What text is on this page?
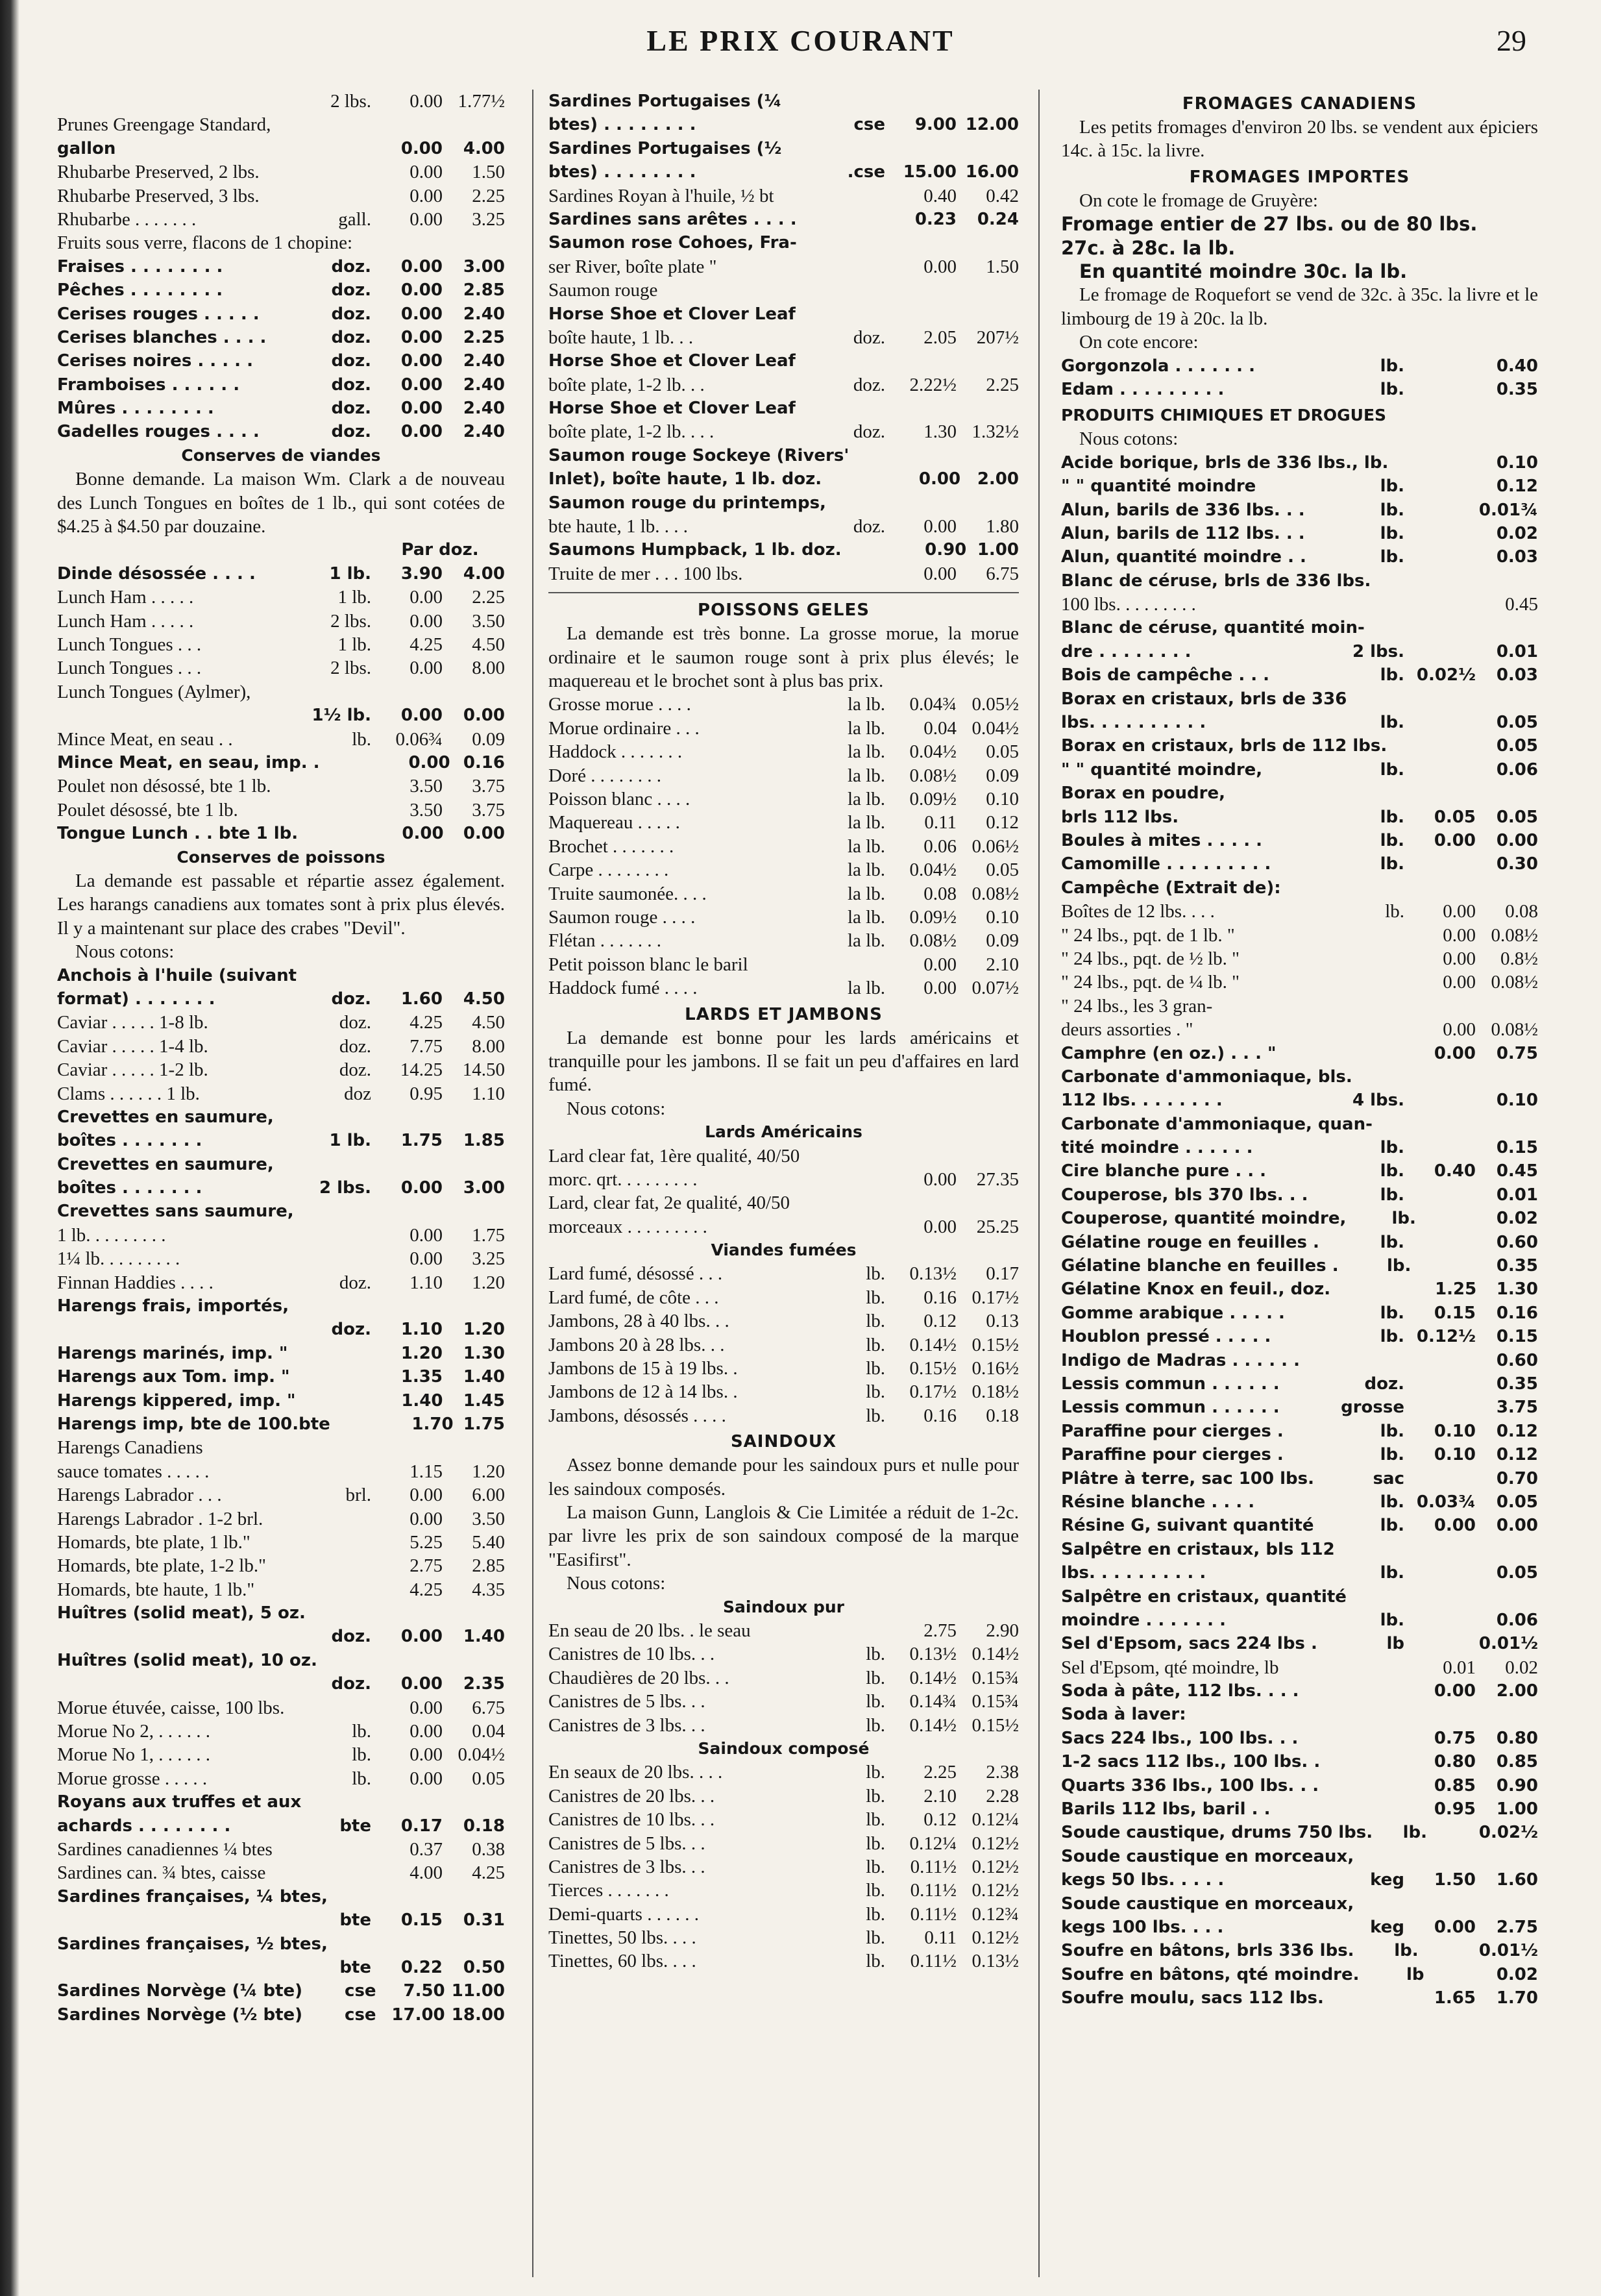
LE PRIX COURANT	29
2 lbs.	0.00 1.77½
Prunes Greengage Standard,
gallon	0.00	4.00
Rhubarbe Preserved, 2 lbs.	0.00	1.50
Rhubarbe Preserved, 3 lbs.	0.00	2.25
Rhubarbe . . . . . . .	gall.	0.00	3.25
Fruits sous verre, flacons de 1 chopine:
Fraises . . . . . . . .	doz.	0.00	3.00
Pêches . . . . . . . .	doz.	0.00	2.85
Cerises rouges . . . . .	doz.	0.00	2.40
Cerises blanches . . . .	doz.	0.00	2.25
Cerises noires . . . . .	doz.	0.00	2.40
Framboises . . . . . .	doz.	0.00	2.40
Mûres . . . . . . . .	doz.	0.00	2.40
Gadelles rouges . . . .	doz.	0.00	2.40
Conserves de viandes
Bonne demande. La maison Wm. Clark a de nouveau des Lunch Tongues en boîtes de 1 lb., qui sont cotées de $4.25 à $4.50 par douzaine.
Par doz.
Dinde désossée . . . .	1 lb.	3.90	4.00
Lunch Ham . . . . .	1 lb.	0.00	2.25
Lunch Ham . . . . .	2 lbs.	0.00	3.50
Lunch Tongues . . .	1 lb.	4.25	4.50
Lunch Tongues . . .	2 lbs.	0.00	8.00
Lunch Tongues (Aylmer),
1½ lb.	0.00	0.00
Mince Meat, en seau . .	lb.	0.06¾	0.09
Mince Meat, en seau, imp. .	0.00 0.16
Poulet non désossé, bte 1 lb.	3.50	3.75
Poulet désossé, bte 1 lb.	3.50	3.75
Tongue Lunch . . bte 1 lb.	0.00	0.00
Conserves de poissons
La demande est passable et répartie assez également. Les harangs canadiens aux tomates sont à prix plus élevés. Il y a maintenant sur place des crabes "Devil".
Nous cotons:
Anchois à l'huile (suivant
format) . . . . . . .	doz.	1.60	4.50
Caviar . . . . . 1-8 lb.	doz.	4.25	4.50
Caviar . . . . . 1-4 lb.	doz.	7.75	8.00
Caviar . . . . . 1-2 lb.	doz.	14.25	14.50
Clams . . . . . . 1 lb.	doz	0.95	1.10
Crevettes en saumure,
boîtes . . . . . . .	1 lb.	1.75	1.85
Crevettes en saumure,
boîtes . . . . . . .	2 lbs.	0.00	3.00
Crevettes sans saumure,
1 lb. . . . . . . . .	0.00	1.75
1¼ lb. . . . . . . . .	0.00	3.25
Finnan Haddies . . . .	doz.	1.10	1.20
Harengs frais, importés,
doz.	1.10	1.20
Harengs marinés, imp. "	1.20	1.30
Harengs aux Tom. imp. "	1.35	1.40
Harengs kippered, imp. "	1.40	1.45
Harengs imp, bte de 100.bte	1.70 1.75
Harengs Canadiens
sauce tomates . . . . .	1.15	1.20
Harengs Labrador . . .	brl.	0.00	6.00
Harengs Labrador . 1-2 brl.	0.00	3.50
Homards, bte plate, 1 lb."	5.25	5.40
Homards, bte plate, 1-2 lb."	2.75	2.85
Homards, bte haute, 1 lb."	4.25	4.35
Huîtres (solid meat), 5 oz.
doz.	0.00	1.40
Huîtres (solid meat), 10 oz.
doz.	0.00	2.35
Morue étuvée, caisse, 100 lbs.	0.00	6.75
Morue No 2, . . . . . .	lb.	0.00	0.04
Morue No 1, . . . . . .	lb.	0.00 0.04½
Morue grosse . . . . .	lb.	0.00	0.05
Royans aux truffes et aux
achards . . . . . . . .	bte	0.17	0.18
Sardines canadiennes ¼ btes	0.37	0.38
Sardines can. ¾ btes, caisse	4.00	4.25
Sardines françaises, ¼ btes,
bte	0.15	0.31
Sardines françaises, ½ btes,
bte	0.22	0.50
Sardines Norvège (¼ bte)	cse	7.50 11.00
Sardines Norvège (½ bte)	cse 17.00 18.00
Sardines Portugaises (¼
btes) . . . . . . . .	cse	9.00 12.00
Sardines Portugaises (½
btes) . . . . . . . .	.cse	15.00 16.00
Sardines Royan à l'huile, ½ bt	0.40	0.42
Sardines sans arêtes . . . .	0.23	0.24
Saumon rose Cohoes, Fra-
ser River, boîte plate "	0.00	1.50
Saumon rouge
Horse Shoe et Clover Leaf
boîte haute, 1 lb. . .	doz.	2.05	207½
Horse Shoe et Clover Leaf
boîte plate, 1-2 lb. . .	doz.	2.22½	2.25
Horse Shoe et Clover Leaf
boîte plate, 1-2 lb. . . .	doz.	1.30 1.32½
Saumon rouge Sockeye (Rivers'
Inlet), boîte haute, 1 lb. doz.	0.00 2.00
Saumon rouge du printemps,
bte haute, 1 lb. . . .	doz.	0.00	1.80
Saumons Humpback, 1 lb. doz.	0.90 1.00
Truite de mer . . . 100 lbs.	0.00	6.75
POISSONS GELES
La demande est très bonne. La grosse morue, la morue ordinaire et le saumon rouge sont à prix plus élevés; le maquereau et le brochet sont à plus bas prix.
Grosse morue . . . .	la lb.	0.04¾ 0.05½
Morue ordinaire . . .	la lb.	0.04 0.04½
Haddock . . . . . . .	la lb.	0.04½	0.05
Doré . . . . . . . .	la lb.	0.08½	0.09
Poisson blanc . . . .	la lb.	0.09½	0.10
Maquereau . . . . .	la lb.	0.11	0.12
Brochet . . . . . . .	la lb.	0.06 0.06½
Carpe . . . . . . . .	la lb.	0.04½	0.05
Truite saumonée. . . .	la lb.	0.08 0.08½
Saumon rouge . . . .	la lb.	0.09½	0.10
Flétan . . . . . . .	la lb.	0.08½	0.09
Petit poisson blanc le baril	0.00	2.10
Haddock fumé . . . .	la lb.	0.00 0.07½
LARDS ET JAMBONS
La demande est bonne pour les lards américains et tranquille pour les jambons. Il se fait un peu d'affaires en lard fumé.
Nous cotons:
Lards Américains
Lard clear fat, 1ère qualité, 40/50
morc. qrt. . . . . . . . .	0.00	27.35
Lard, clear fat, 2e qualité, 40/50
morceaux . . . . . . . . .	0.00	25.25
Viandes fumées
Lard fumé, désossé . . .	lb.	0.13½	0.17
Lard fumé, de côte . . .	lb.	0.16 0.17½
Jambons, 28 à 40 lbs. . .	lb.	0.12	0.13
Jambons 20 à 28 lbs. . .	lb.	0.14½ 0.15½
Jambons de 15 à 19 lbs. .	lb.	0.15½ 0.16½
Jambons de 12 à 14 lbs. .	lb.	0.17½ 0.18½
Jambons, désossés . . . .	lb.	0.16	0.18
SAINDOUX
Assez bonne demande pour les saindoux purs et nulle pour les saindoux composés.
La maison Gunn, Langlois & Cie Limitée a réduit de 1-2c. par livre les prix de son saindoux composé de la marque "Easifirst".
Nous cotons:
Saindoux pur
En seau de 20 lbs. . le seau	2.75	2.90
Canistres de 10 lbs. . .	lb.	0.13½ 0.14½
Chaudières de 20 lbs. . .	lb.	0.14½ 0.15¾
Canistres de 5 lbs. . .	lb.	0.14¾ 0.15¾
Canistres de 3 lbs. . .	lb.	0.14½ 0.15½
Saindoux composé
En seaux de 20 lbs. . . .	lb.	2.25	2.38
Canistres de 20 lbs. . .	lb.	2.10	2.28
Canistres de 10 lbs. . .	lb.	0.12 0.12¼
Canistres de 5 lbs. . .	lb.	0.12¼ 0.12½
Canistres de 3 lbs. . .	lb.	0.11½ 0.12½
Tierces . . . . . . .	lb.	0.11½ 0.12½
Demi-quarts . . . . . .	lb.	0.11½ 0.12¾
Tinettes, 50 lbs. . . .	lb.	0.11 0.12½
Tinettes, 60 lbs. . . .	lb.	0.11½ 0.13½
FROMAGES CANADIENS
Les petits fromages d'environ 20 lbs. se vendent aux épiciers 14c. à 15c. la livre.
FROMAGES IMPORTES
On cote le fromage de Gruyère:
Fromage entier de 27 lbs. ou de 80 lbs.
27c. à 28c. la lb.
En quantité moindre 30c. la lb.
Le fromage de Roquefort se vend de 32c. à 35c. la livre et le limbourg de 19 à 20c. la lb.
On cote encore:
Gorgonzola . . . . . . .	lb.	0.40
Edam . . . . . . . . .	lb.	0.35
PRODUITS CHIMIQUES ET DROGUES
Nous cotons:
Acide borique, brls de 336 lbs., lb.	0.10
" " quantité moindre	lb.	0.12
Alun, barils de 336 lbs. . .	lb.	0.01¾
Alun, barils de 112 lbs. . .	lb.	0.02
Alun, quantité moindre . .	lb.	0.03
Blanc de céruse, brls de 336 lbs.
100 lbs. . . . . . . . .	0.45
Blanc de céruse, quantité moin-
dre . . . . . . . .	2 lbs.	0.01
Bois de campêche . . .	lb. 0.02½	0.03
Borax en cristaux, brls de 336
lbs. . . . . . . . . .	lb.	0.05
Borax en cristaux, brls de 112 lbs.	0.05
" " quantité moindre,	lb.	0.06
Borax en poudre,
brls 112 lbs.	lb.	0.05	0.05
Boules à mites . . . . .	lb.	0.00	0.00
Camomille . . . . . . . . .	lb.	0.30
Campêche (Extrait de):
Boîtes de 12 lbs. . . .	lb.	0.00	0.08
" 24 lbs., pqt. de 1 lb. "	0.00 0.08½
" 24 lbs., pqt. de ½ lb. "	0.00	0.8½
" 24 lbs., pqt. de ¼ lb. "	0.00 0.08½
" 24 lbs., les 3 gran-
deurs assorties . "	0.00 0.08½
Camphre (en oz.) . . . "	0.00	0.75
Carbonate d'ammoniaque, bls.
112 lbs. . . . . . . .	4 lbs.	0.10
Carbonate d'ammoniaque, quan-
tité moindre . . . . . .	lb.	0.15
Cire blanche pure . . .	lb.	0.40	0.45
Couperose, bls 370 lbs. . .	lb.	0.01
Couperose, quantité moindre,	lb.	0.02
Gélatine rouge en feuilles .	lb.	0.60
Gélatine blanche en feuilles .	lb.	0.35
Gélatine Knox en feuil., doz.	1.25	1.30
Gomme arabique . . . . .	lb.	0.15	0.16
Houblon pressé . . . . .	lb. 0.12½	0.15
Indigo de Madras . . . . . .	0.60
Lessis commun . . . . . .	doz.	0.35
Lessis commun . . . . . .	grosse	3.75
Paraffine pour cierges .	lb.	0.10	0.12
Paraffine pour cierges .	lb.	0.10	0.12
Plâtre à terre, sac 100 lbs.	sac	0.70
Résine blanche . . . .	lb. 0.03¾	0.05
Résine G, suivant quantité	lb.	0.00	0.00
Salpêtre en cristaux, bls 112
lbs. . . . . . . . . .	lb.	0.05
Salpêtre en cristaux, quantité
moindre . . . . . . .	lb.	0.06
Sel d'Epsom, sacs 224 lbs .	lb	0.01½
Sel d'Epsom, qté moindre, lb	0.01	0.02
Soda à pâte, 112 lbs. . . .	0.00	2.00
Soda à laver:
Sacs 224 lbs., 100 lbs. . .	0.75	0.80
1-2 sacs 112 lbs., 100 lbs. .	0.80	0.85
Quarts 336 lbs., 100 lbs. . .	0.85	0.90
Barils 112 lbs, baril . .	0.95	1.00
Soude caustique, drums 750 lbs.	lb.	0.02½
Soude caustique en morceaux,
kegs 50 lbs. . . . .	keg	1.50	1.60
Soude caustique en morceaux,
kegs 100 lbs. . . .	keg	0.00	2.75
Soufre en bâtons, brls 336 lbs.	lb.	0.01½
Soufre en bâtons, qté moindre.	lb	0.02
Soufre moulu, sacs 112 lbs.	1.65	1.70
